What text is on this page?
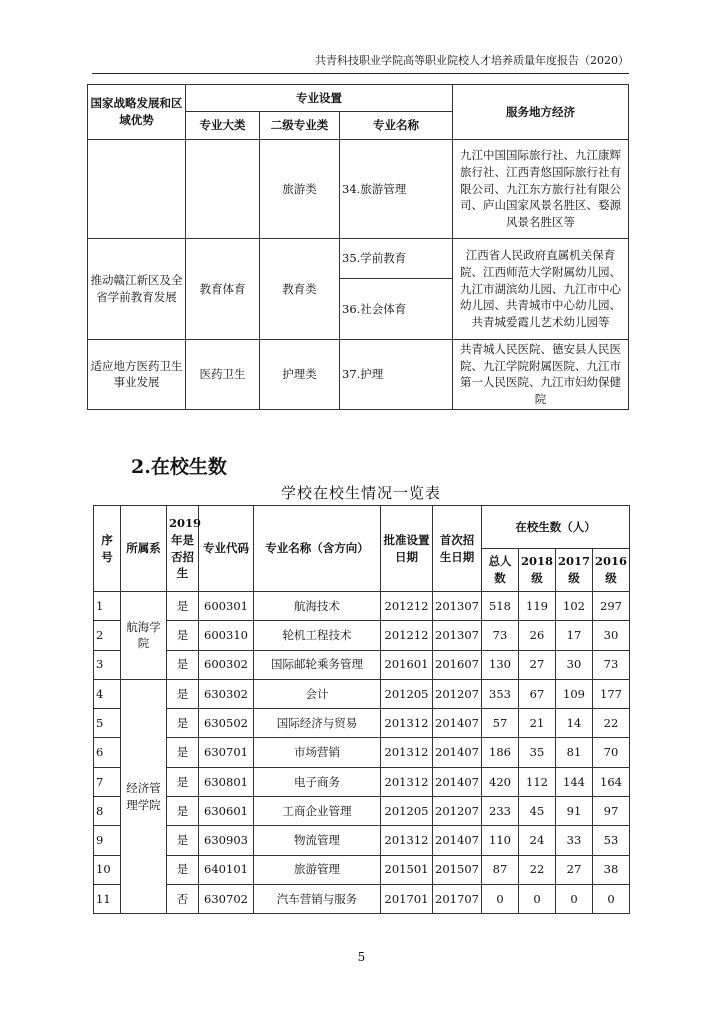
共青科技职业学院高等职业院校人才培养质量年度报告（2020）
国家战略发展和区域优势	专业设置			服务地方经济
	专业大类	二级专业类	专业名称	
		旅游类	34.旅游管理	九江中国国际旅行社、九江康辉旅行社、江西青悠国际旅行社有限公司、九江东方旅行社有限公司、庐山国家风景名胜区、婺源风景名胜区等
推动赣江新区及全省学前教育发展	教育体育	教育类	35.学前教育	江西省人民政府直属机关保育院、江西师范大学附属幼儿园、九江市湖滨幼儿园、九江市中心幼儿园、共青城市中心幼儿园、共青城爱霞儿艺术幼儿园等
			36.社会体育	
适应地方医药卫生事业发展	医药卫生	护理类	37.护理	共青城人民医院、德安县人民医院、九江学院附属医院、九江市第一人民医院、九江市妇幼保健院
2.在校生数
学校在校生情况一览表
序号	所属系	2019年是否招生	专业代码	专业名称（含方向）	批准设置日期	首次招生日期	在校生数（人）			
							总人数	2018级	2017级	2016级
1	航海学院	是	600301	航海技术	201212	201307	518	119	102	297
2		是	600310	轮机工程技术	201212	201307	73	26	17	30
3		是	600302	国际邮轮乘务管理	201601	201607	130	27	30	73
4	经济管理学院	是	630302	会计	201205	201207	353	67	109	177
5		是	630502	国际经济与贸易	201312	201407	57	21	14	22
6		是	630701	市场营销	201312	201407	186	35	81	70
7		是	630801	电子商务	201312	201407	420	112	144	164
8		是	630601	工商企业管理	201205	201207	233	45	91	97
9		是	630903	物流管理	201312	201407	110	24	33	53
10		是	640101	旅游管理	201501	201507	87	22	27	38
11		否	630702	汽车营销与服务	201701	201707	0	0	0	0
5
